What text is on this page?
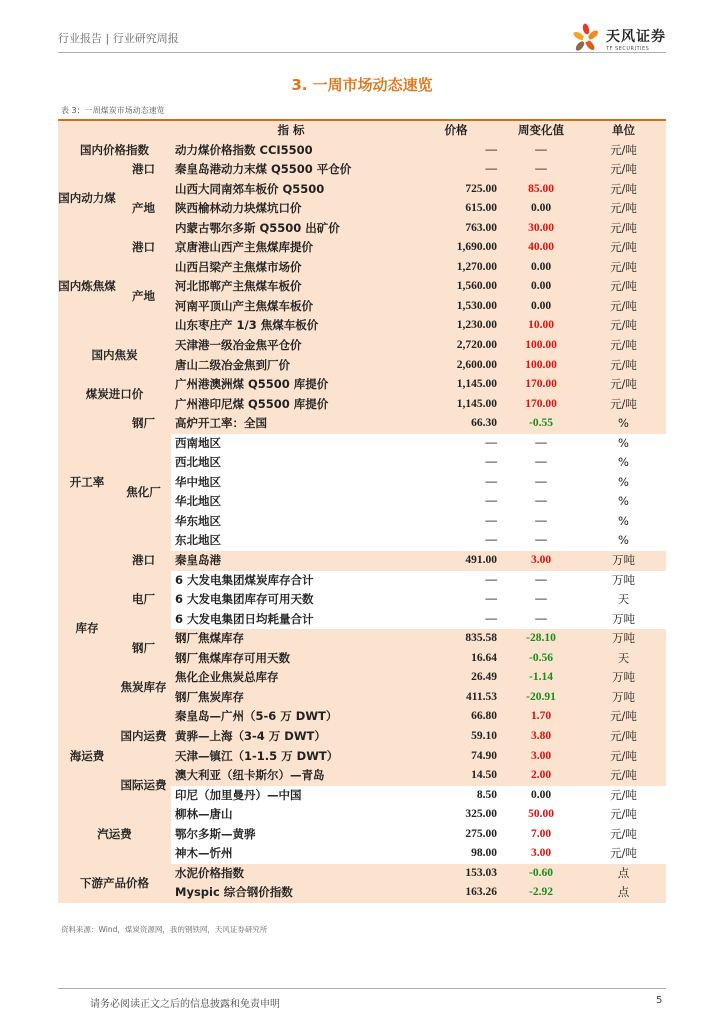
行业报告 | 行业研究周报	天风证券
TF SECURITIES
3. 一周市场动态速览
表 3：一周煤炭市场动态速览
		指 标	价格	周变化值	单位
国内价格指数		动力煤价格指数 CCI5500	—	—	元/吨
国内动力煤	港口	秦皇岛港动力末煤 Q5500 平仓价	—	—	元/吨
	产地	山西大同南郊车板价 Q5500	725.00	85.00	元/吨
		陕西榆林动力块煤坑口价	615.00	0.00	元/吨
		内蒙古鄂尔多斯 Q5500 出矿价	763.00	30.00	元/吨
国内炼焦煤	港口	京唐港山西产主焦煤库提价	1,690.00	40.00	元/吨
	产地	山西吕梁产主焦煤市场价	1,270.00	0.00	元/吨
		河北邯郸产主焦煤车板价	1,560.00	0.00	元/吨
		河南平顶山产主焦煤车板价	1,530.00	0.00	元/吨
		山东枣庄产 1/3 焦煤车板价	1,230.00	10.00	元/吨
国内焦炭		天津港一级冶金焦平仓价	2,720.00	100.00	元/吨
		唐山二级冶金焦到厂价	2,600.00	100.00	元/吨
煤炭进口价		广州港澳洲煤 Q5500 库提价	1,145.00	170.00	元/吨
		广州港印尼煤 Q5500 库提价	1,145.00	170.00	元/吨
开工率	钢厂	高炉开工率：全国	66.30	-0.55	%
	焦化厂	西南地区	—	—	%
		西北地区	—	—	%
		华中地区	—	—	%
		华北地区	—	—	%
		华东地区	—	—	%
		东北地区	—	—	%
库存	港口	秦皇岛港	491.00	3.00	万吨
	电厂	6 大发电集团煤炭库存合计	—	—	万吨
		6 大发电集团库存可用天数	—	—	天
		6 大发电集团日均耗量合计	—	—	万吨
	钢厂	钢厂焦煤库存	835.58	-28.10	万吨
		钢厂焦煤库存可用天数	16.64	-0.56	天
	焦炭库存	焦化企业焦炭总库存	26.49	-1.14	万吨
		钢厂焦炭库存	411.53	-20.91	万吨
海运费	国内运费	秦皇岛—广州（5-6 万 DWT）	66.80	1.70	元/吨
		黄骅—上海（3-4 万 DWT）	59.10	3.80	元/吨
		天津—镇江（1-1.5 万 DWT）	74.90	3.00	元/吨
	国际运费	澳大利亚（纽卡斯尔）—青岛	14.50	2.00	元/吨
		印尼（加里曼丹）—中国	8.50	0.00	元/吨
汽运费		柳林—唐山	325.00	50.00	元/吨
		鄂尔多斯—黄骅	275.00	7.00	元/吨
		神木—忻州	98.00	3.00	元/吨
下游产品价格		水泥价格指数	153.03	-0.60	点
		Myspic 综合钢价指数	163.26	-2.92	点
资料来源：Wind，煤炭资源网，我的钢铁网，天风证券研究所
请务必阅读正文之后的信息披露和免责申明	5
